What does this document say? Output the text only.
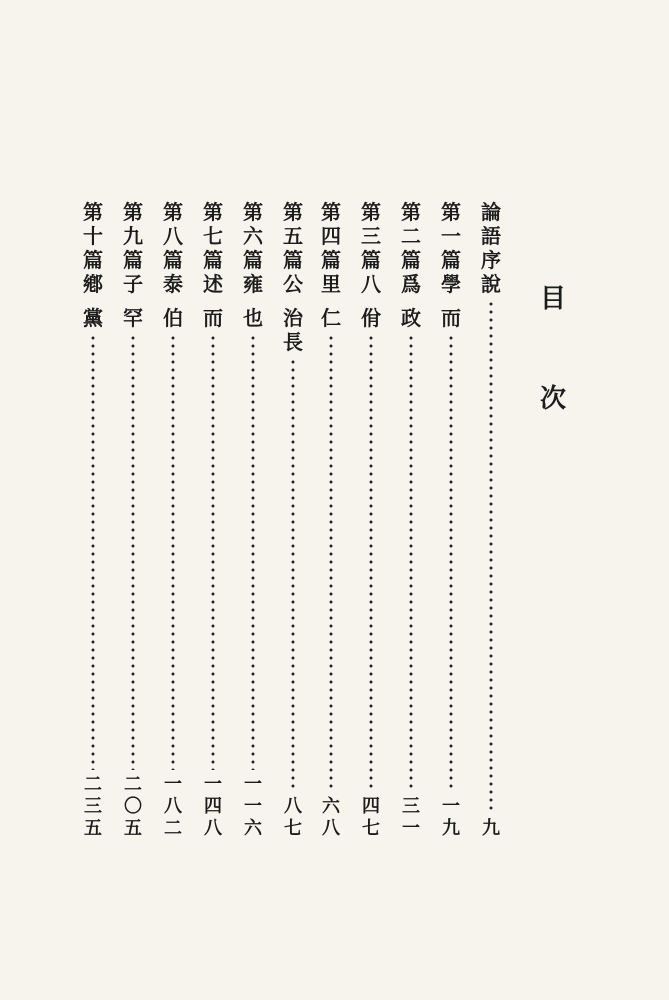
目
次
論
語
序
說
九
第
一
篇
學
而
一
九
第
二
篇
爲
政
三
一
第
三
篇
八
佾
四
七
第
四
篇
里
仁
六
八
第
五
篇
公
治
長
八
七
第
六
篇
雍
也
一
一
六
第
七
篇
述
而
一
四
八
第
八
篇
泰
伯
一
八
二
第
九
篇
子
罕
二
〇
五
第
十
篇
鄕
黨
二
三
五
